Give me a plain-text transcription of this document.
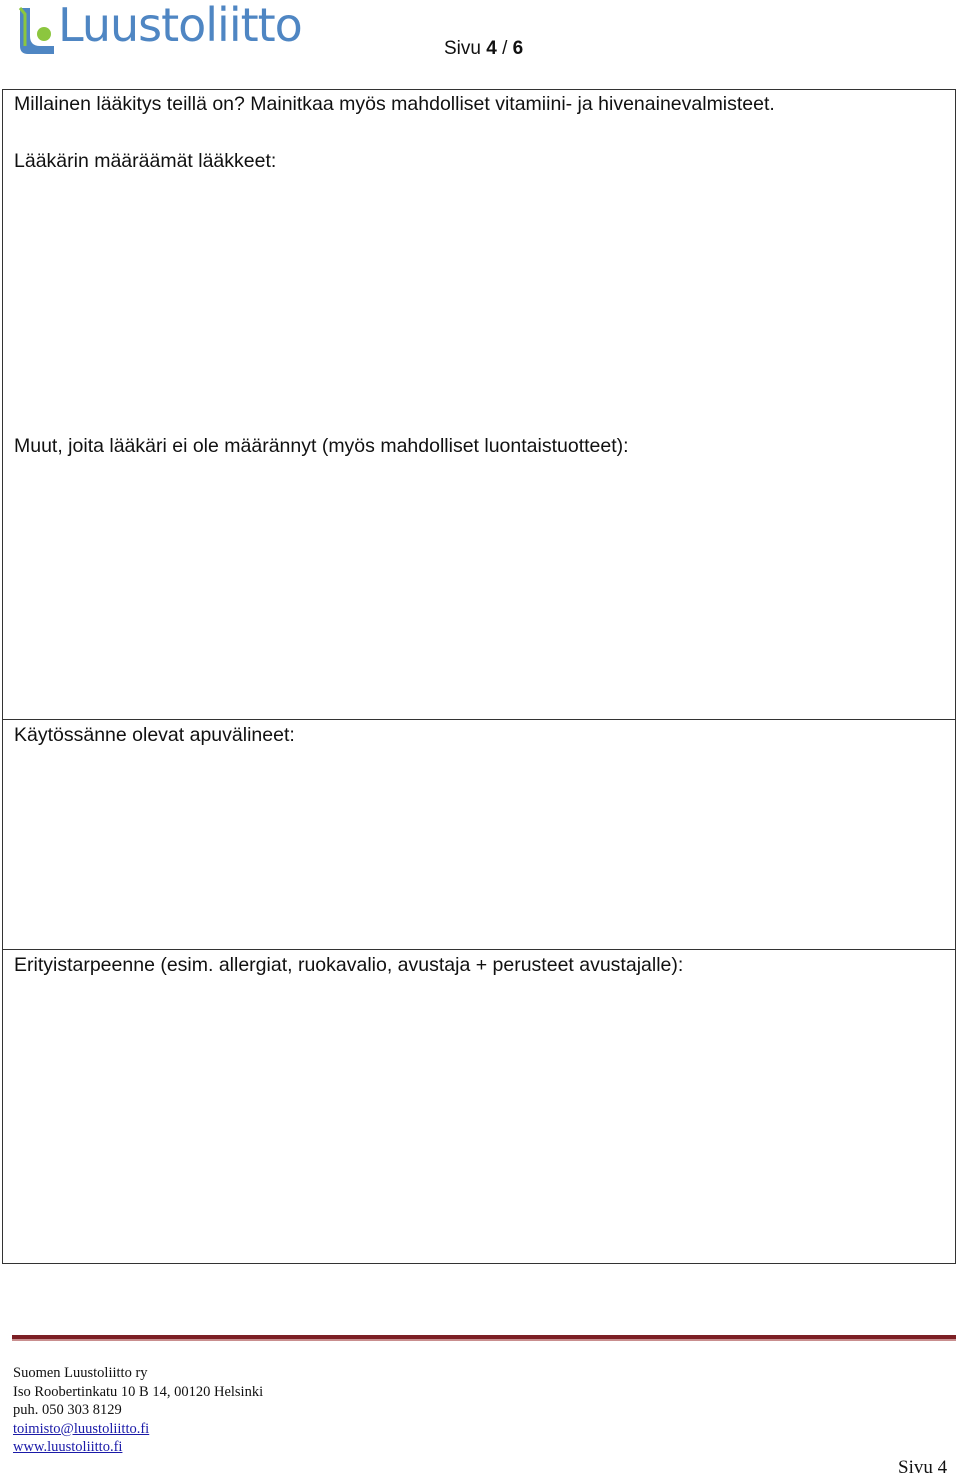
Luustoliitto	Sivu 4 / 6
Millainen lääkitys teillä on? Mainitkaa myös mahdolliset vitamiini- ja hivenainevalmisteet.
Lääkärin määräämät lääkkeet:
Muut, joita lääkäri ei ole määrännyt (myös mahdolliset luontaistuotteet):
Käytössänne olevat apuvälineet:
Erityistarpeenne (esim. allergiat, ruokavalio, avustaja + perusteet avustajalle):
Suomen Luustoliitto ry
Iso Roobertinkatu 10 B 14, 00120 Helsinki
puh. 050 303 8129
toimisto@luustoliitto.fi
www.luustoliitto.fi
Sivu 4
